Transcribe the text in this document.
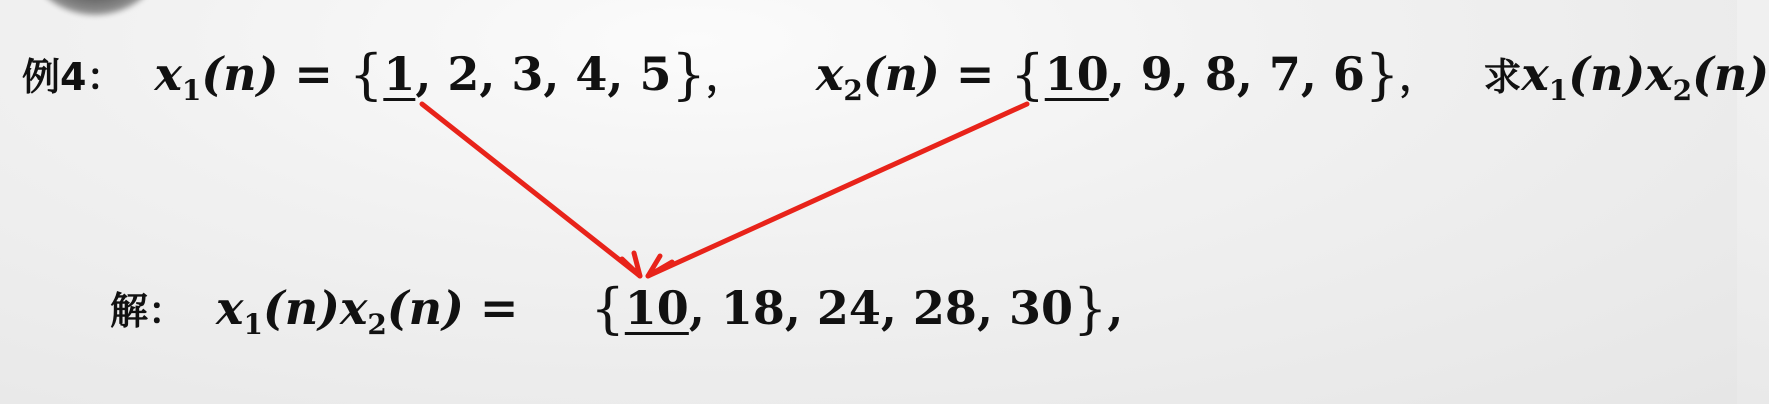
例4： $x_1(n) = \{1$, 2, 3, 4, 5}， $x_2(n) = \{10$, 9, 8, 7, 6}， 求$x_1(n)x_2(n)$
解： $x_1(n)x_2(n) = \{10$, 18, 24, 28, 30},
